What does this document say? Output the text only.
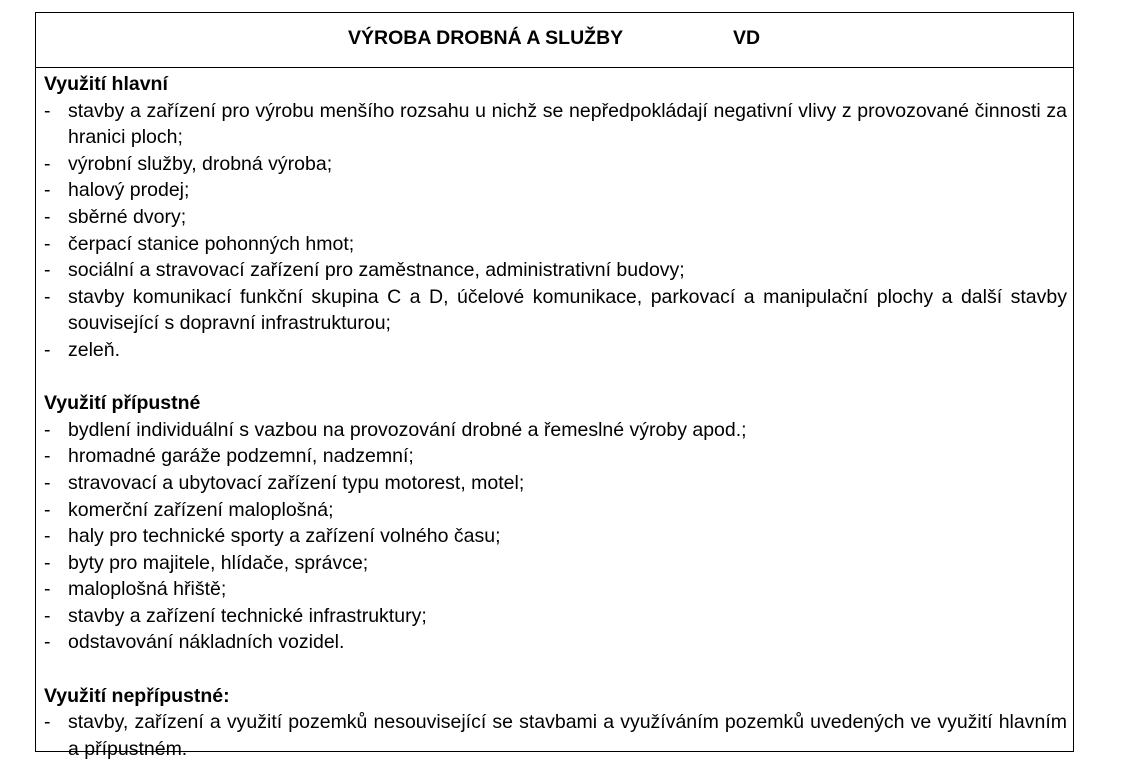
VÝROBA DROBNÁ A SLUŽBY	VD
Využití hlavní
- stavby a zařízení pro výrobu menšího rozsahu u nichž se nepředpokládají negativní vlivy z provozované činnosti za hranici ploch;
- výrobní služby, drobná výroba;
- halový prodej;
- sběrné dvory;
- čerpací stanice pohonných hmot;
- sociální a stravovací zařízení pro zaměstnance, administrativní budovy;
- stavby komunikací funkční skupina C a D, účelové komunikace, parkovací a manipulační plochy a další stavby související s dopravní infrastrukturou;
- zeleň.
Využití přípustné
- bydlení individuální s vazbou na provozování drobné a řemeslné výroby apod.;
- hromadné garáže podzemní, nadzemní;
- stravovací a ubytovací zařízení typu motorest, motel;
- komerční zařízení maloplošná;
- haly pro technické sporty a zařízení volného času;
- byty pro majitele, hlídače, správce;
- maloplošná hřiště;
- stavby a zařízení technické infrastruktury;
- odstavování nákladních vozidel.
Využití nepřípustné:
- stavby, zařízení a využití pozemků nesouvisející se stavbami a využíváním pozemků uvedených ve využití hlavním a přípustném.
